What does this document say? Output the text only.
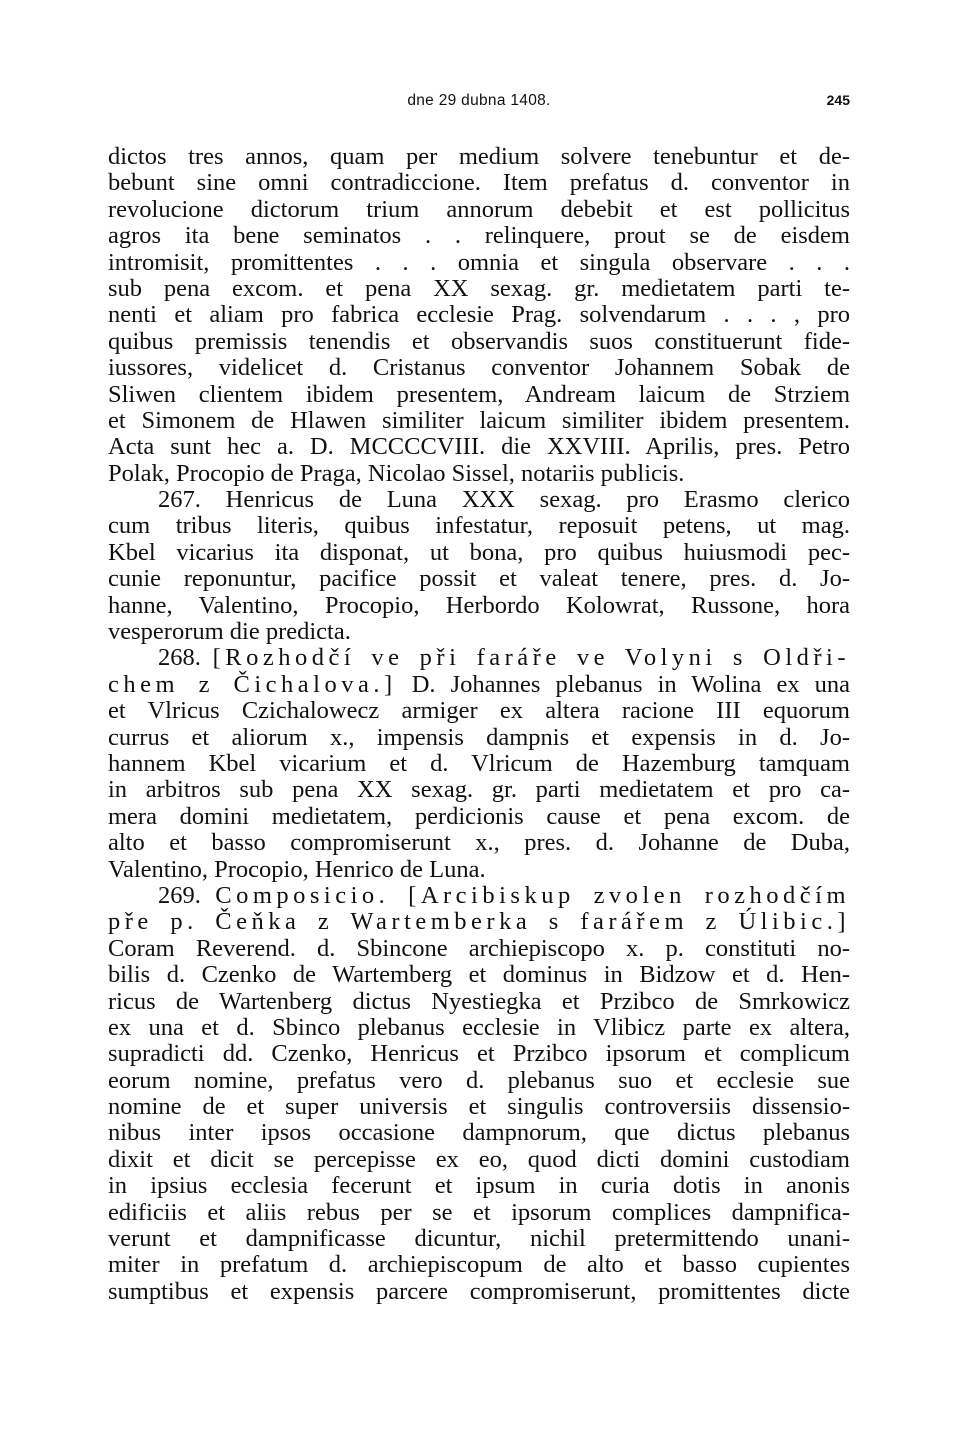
dne 29 dubna 1408.	245
dictos tres annos, quam per medium solvere tenebuntur et de-
bebunt sine omni contradiccione. Item prefatus d. conventor in
revolucione dictorum trium annorum debebit et est pollicitus
agros ita bene seminatos . . relinquere, prout se de eisdem
intromisit, promittentes . . . omnia et singula observare . . .
sub pena excom. et pena XX sexag. gr. medietatem parti te-
nenti et aliam pro fabrica ecclesie Prag. solvendarum . . . , pro
quibus premissis tenendis et observandis suos constituerunt fide-
iussores, videlicet d. Cristanus conventor Johannem Sobak de
Sliwen clientem ibidem presentem, Andream laicum de Strziem
et Simonem de Hlawen similiter laicum similiter ibidem presentem.
Acta sunt hec a. D. MCCCCVIII. die XXVIII. Aprilis, pres. Petro
Polak, Procopio de Praga, Nicolao Sissel, notariis publicis.
267. Henricus de Luna XXX sexag. pro Erasmo clerico
cum tribus literis, quibus infestatur, reposuit petens, ut mag.
Kbel vicarius ita disponat, ut bona, pro quibus huiusmodi pec-
cunie reponuntur, pacifice possit et valeat tenere, pres. d. Jo-
hanne, Valentino, Procopio, Herbordo Kolowrat, Russone, hora
vesperorum die predicta.
268. [Rozhodčí ve při faráře ve Volyni s Oldři-
chem z Čichalova.] D. Johannes plebanus in Wolina ex una
et Vlricus Czichalowecz armiger ex altera racione III equorum
currus et aliorum x., impensis dampnis et expensis in d. Jo-
hannem Kbel vicarium et d. Vlricum de Hazemburg tamquam
in arbitros sub pena XX sexag. gr. parti medietatem et pro ca-
mera domini medietatem, perdicionis cause et pena excom. de
alto et basso compromiserunt x., pres. d. Johanne de Duba,
Valentino, Procopio, Henrico de Luna.
269. Composicio. [Arcibiskup zvolen rozhodčím
pře p. Čeňka z Wartemberka s farářem z Úlibic.]
Coram Reverend. d. Sbincone archiepiscopo x. p. constituti no-
bilis d. Czenko de Wartemberg et dominus in Bidzow et d. Hen-
ricus de Wartenberg dictus Nyestiegka et Przibco de Smrkowicz
ex una et d. Sbinco plebanus ecclesie in Vlibicz parte ex altera,
supradicti dd. Czenko, Henricus et Przibco ipsorum et complicum
eorum nomine, prefatus vero d. plebanus suo et ecclesie sue
nomine de et super universis et singulis controversiis dissensio-
nibus inter ipsos occasione dampnorum, que dictus plebanus
dixit et dicit se percepisse ex eo, quod dicti domini custodiam
in ipsius ecclesia fecerunt et ipsum in curia dotis in anonis
edificiis et aliis rebus per se et ipsorum complices dampnifica-
verunt et dampnificasse dicuntur, nichil pretermittendo unani-
miter in prefatum d. archiepiscopum de alto et basso cupientes
sumptibus et expensis parcere compromiserunt, promittentes dicte
